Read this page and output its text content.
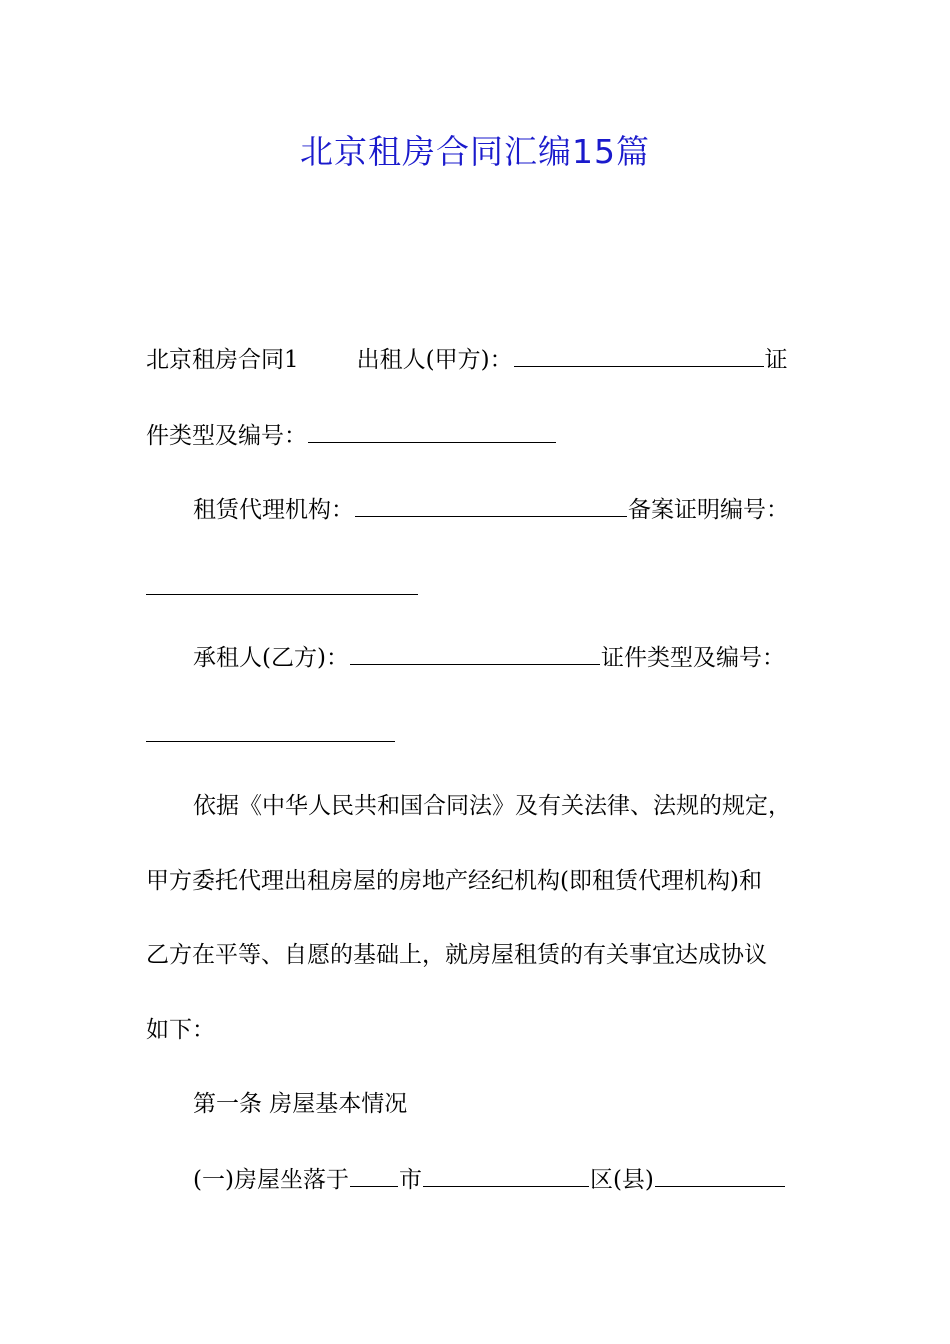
北京租房合同汇编15篇
北京租房合同1	出租人(甲方)：	证
件类型及编号：
租赁代理机构：	备案证明编号：
承租人(乙方)：	证件类型及编号：
依据《中华人民共和国合同法》及有关法律、法规的规定，
甲方委托代理出租房屋的房地产经纪机构(即租赁代理机构)和
乙方在平等、自愿的基础上，就房屋租赁的有关事宜达成协议
如下：
第一条 房屋基本情况
(一)房屋坐落于 市	区(县)
